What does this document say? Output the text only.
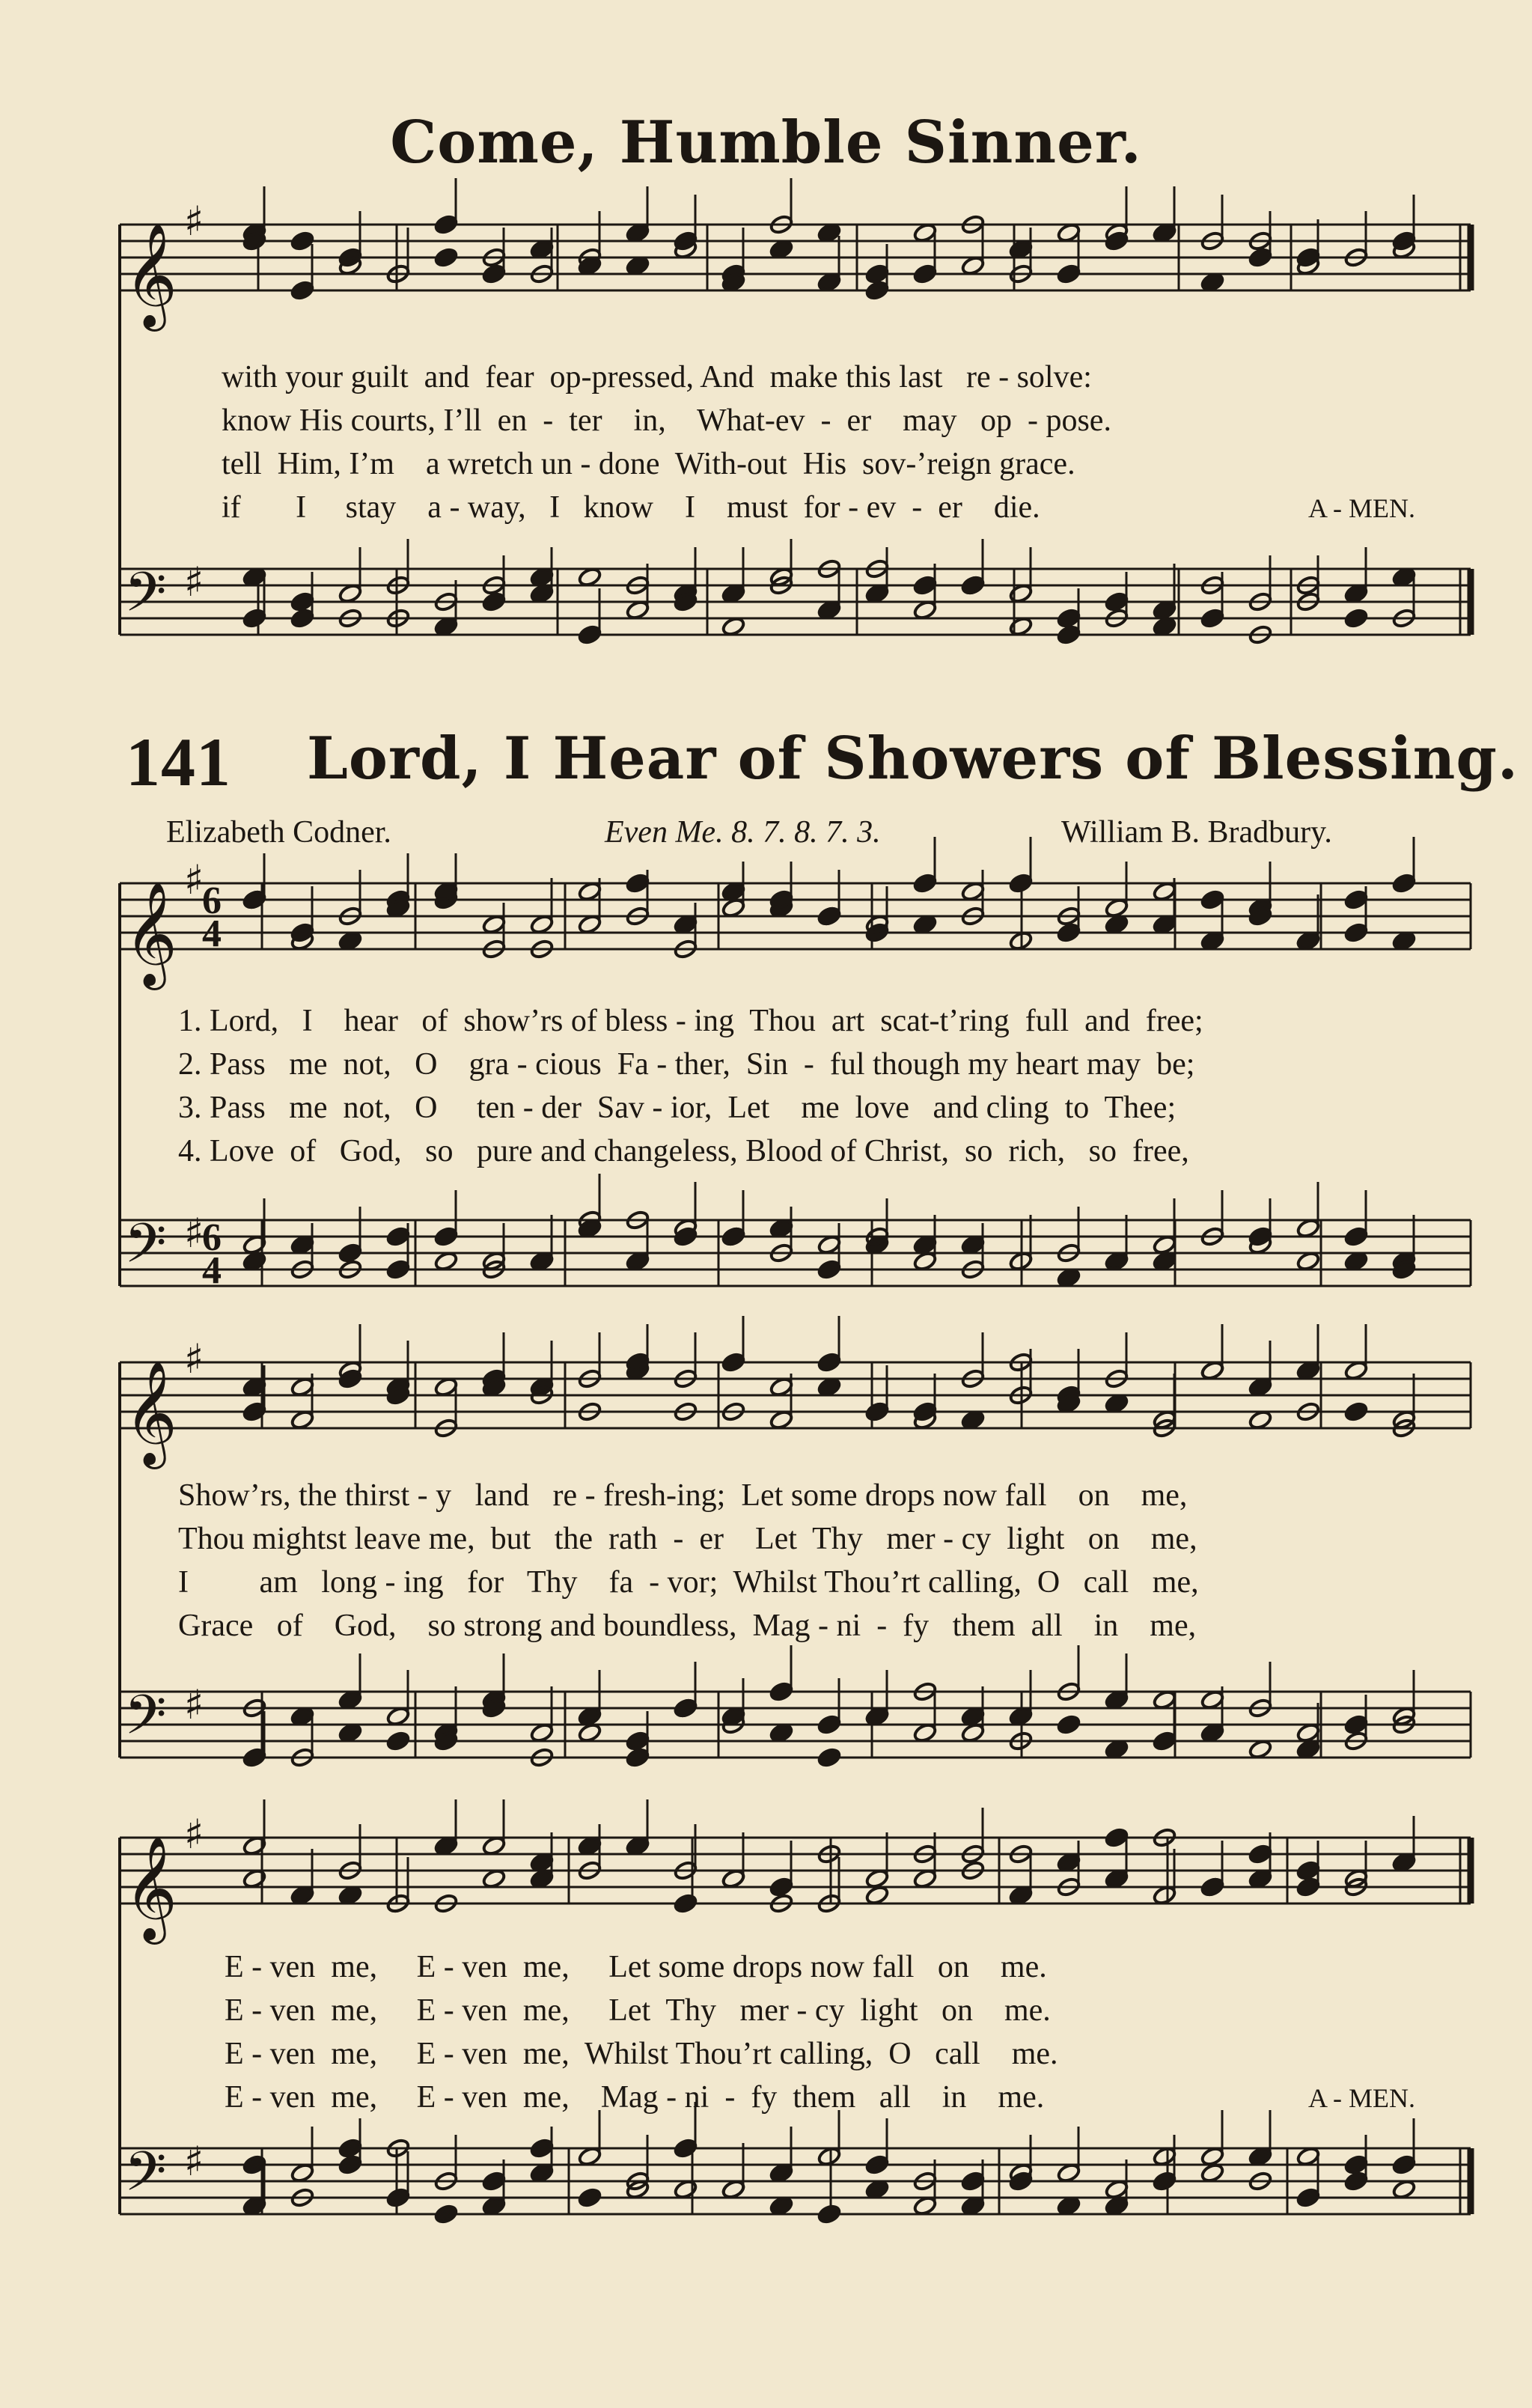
Come, Humble Sinner.
𝄞
𝄢
♯
♯
𝄞
𝄢
♯
♯
𝄞
𝄢
♯
♯
𝄞
𝄢
♯
♯
6
4
6
4
with your guilt  and  fear  op-pressed, And  make this last   re - solve:
know His courts, I’ll  en  -  ter    in,    What-ev  -  er    may   op  - pose.
tell  Him, I’m    a wretch un - done  With-out  His  sov-’reign grace.
if       I     stay    a - way,   I   know    I    must  for - ev  -  er    die.	A - MEN.
141 Lord, I Hear of Showers of Blessing.
Elizabeth Codner.	Even Me. 8. 7. 8. 7. 3.	William B. Bradbury.
1. Lord,   I    hear   of  show’rs of bless - ing  Thou  art  scat-t’ring  full  and  free;
2. Pass   me  not,   O    gra - cious  Fa - ther,  Sin  -  ful though my heart may  be;
3. Pass   me  not,   O     ten - der  Sav - ior,  Let    me  love   and cling  to  Thee;
4. Love  of   God,   so   pure and changeless, Blood of Christ,  so  rich,   so  free,
Show’rs, the thirst - y   land   re - fresh-ing;  Let some drops now fall    on    me,
Thou mightst leave me,  but   the  rath  -  er    Let  Thy   mer - cy  light   on    me,
I         am   long - ing   for   Thy    fa  - vor;  Whilst Thou’rt calling,  O   call   me,
Grace   of    God,    so strong and boundless,  Mag - ni  -  fy   them  all    in    me,
E - ven  me,     E - ven  me,     Let some drops now fall   on    me.
E - ven  me,     E - ven  me,     Let  Thy   mer - cy  light   on    me.
E - ven  me,     E - ven  me,  Whilst Thou’rt calling,  O   call    me.
E - ven  me,     E - ven  me,    Mag - ni  -  fy  them   all    in    me.	A - MEN.
